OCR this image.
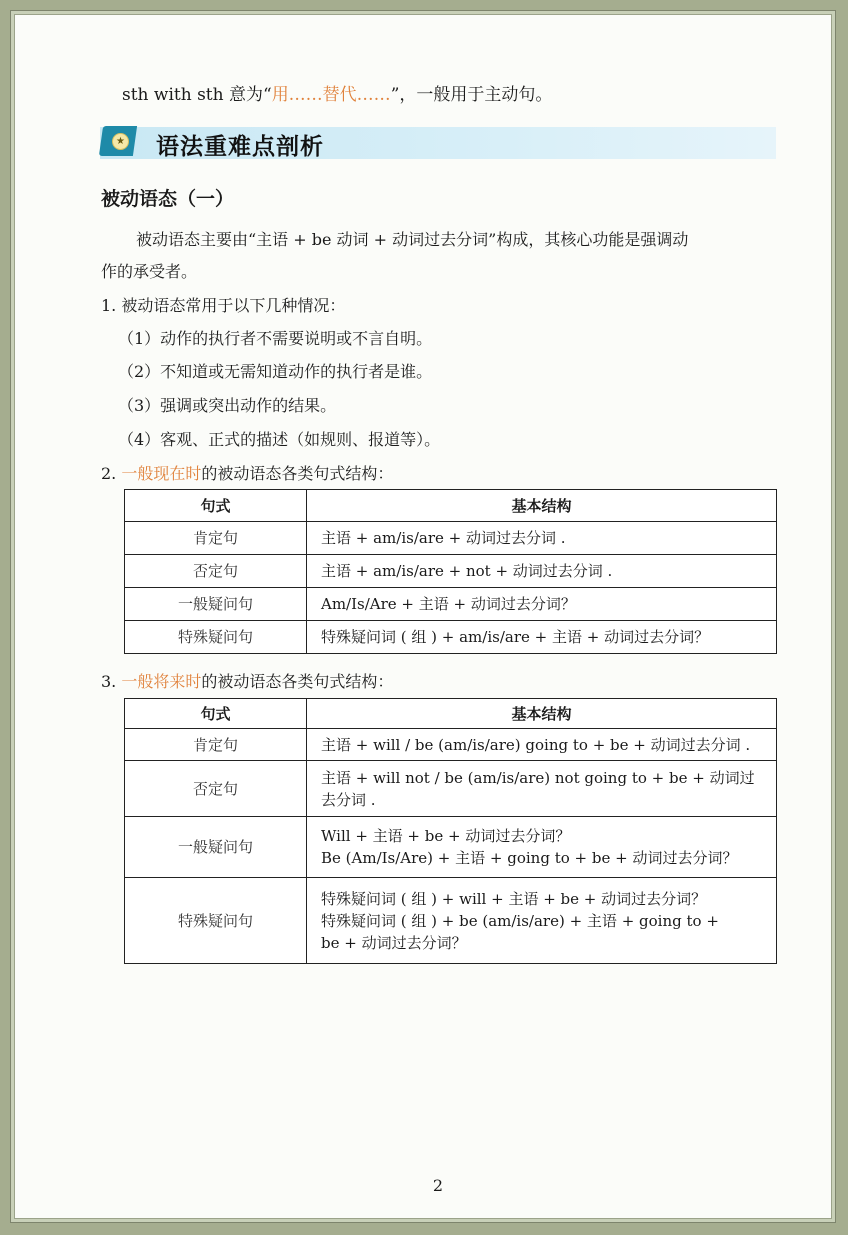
sth with sth 意为“用……替代……”，一般用于主动句。
★ 语法重难点剖析
被动语态（一）
被动语态主要由“主语 + be 动词 + 动词过去分词”构成，其核心功能是强调动
作的承受者。
1. 被动语态常用于以下几种情况：
（1）动作的执行者不需要说明或不言自明。
（2）不知道或无需知道动作的执行者是谁。
（3）强调或突出动作的结果。
（4）客观、正式的描述（如规则、报道等）。
2. 一般现在时的被动语态各类句式结构：
句式	基本结构
肯定句	主语 + am/is/are + 动词过去分词 .

否定句	主语 + am/is/are + not + 动词过去分词 .

一般疑问句	Am/Is/Are + 主语 + 动词过去分词？

特殊疑问句	特殊疑问词 ( 组 ) + am/is/are + 主语 + 动词过去分词？
3. 一般将来时的被动语态各类句式结构：
句式	基本结构
肯定句	主语 + will / be (am/is/are) going to + be + 动词过去分词 .

否定句	主语 + will not / be (am/is/are) not going to + be + 动词过
去分词 .

一般疑问句	Will + 主语 + be + 动词过去分词？
Be (Am/Is/Are) + 主语 + going to + be + 动词过去分词？

特殊疑问句	特殊疑问词 ( 组 ) + will + 主语 + be + 动词过去分词？
特殊疑问词 ( 组 ) + be (am/is/are) + 主语 + going to +
be + 动词过去分词？
2
